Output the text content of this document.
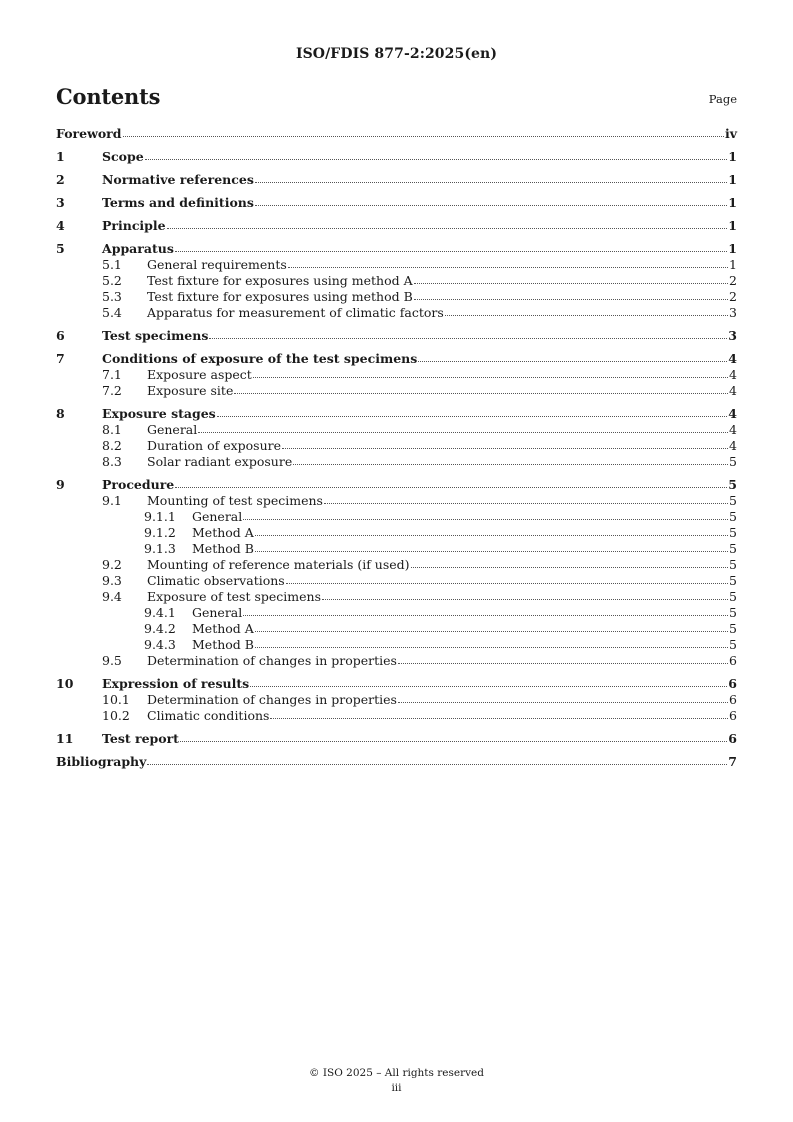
ISO/FDIS 877-2:2025(en)
Contents	Page
Foreword	iv
1	Scope	1
2	Normative references	1
3	Terms and definitions	1
4	Principle	1
5	Apparatus	1
5.1	General requirements	1
5.2	Test fixture for exposures using method A	2
5.3	Test fixture for exposures using method B	2
5.4	Apparatus for measurement of climatic factors	3
6	Test specimens	3
7	Conditions of exposure of the test specimens	4
7.1	Exposure aspect	4
7.2	Exposure site	4
8	Exposure stages	4
8.1	General	4
8.2	Duration of exposure	4
8.3	Solar radiant exposure	5
9	Procedure	5
9.1	Mounting of test specimens	5
9.1.1	General	5
9.1.2	Method A	5
9.1.3	Method B	5
9.2	Mounting of reference materials (if used)	5
9.3	Climatic observations	5
9.4	Exposure of test specimens	5
9.4.1	General	5
9.4.2	Method A	5
9.4.3	Method B	5
9.5	Determination of changes in properties	6
10	Expression of results	6
10.1	Determination of changes in properties	6
10.2	Climatic conditions	6
11	Test report	6
Bibliography	7
© ISO 2025 – All rights reserved
iii
